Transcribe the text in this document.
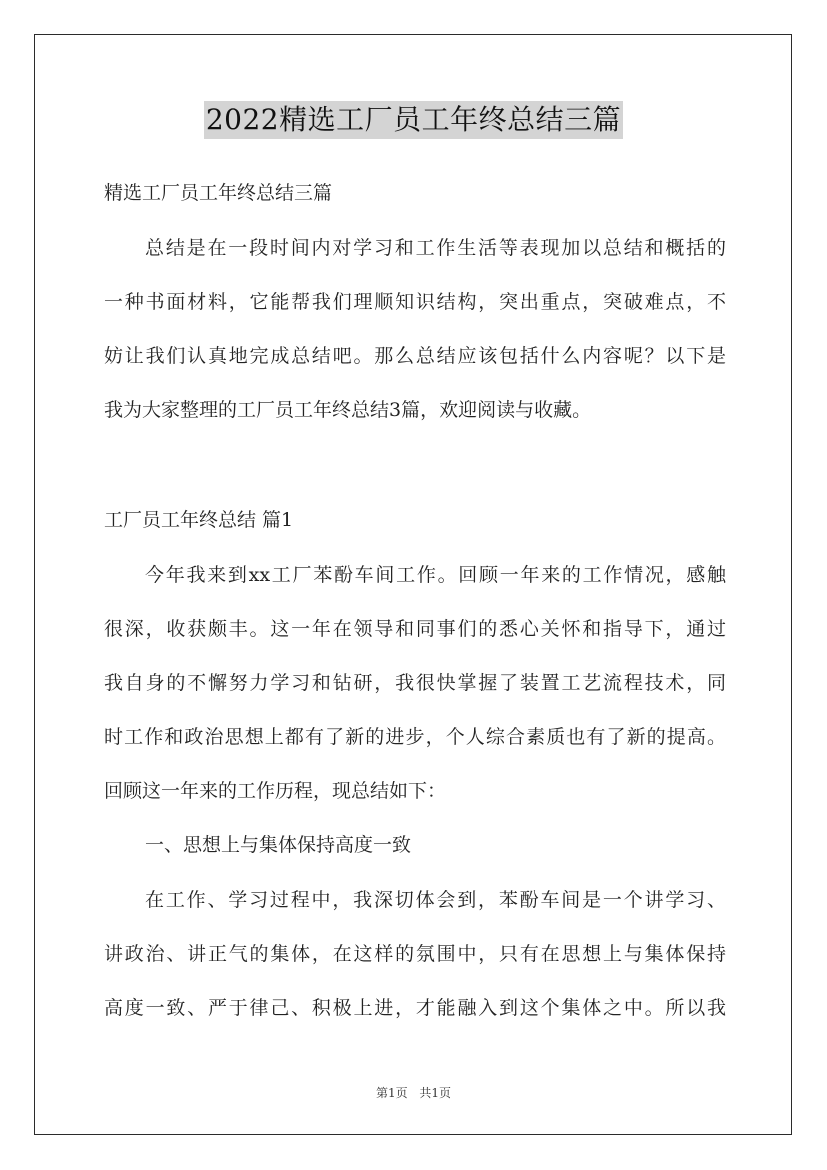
2022精选工厂员工年终总结三篇
精选工厂员工年终总结三篇
总结是在一段时间内对学习和工作生活等表现加以总结和概括的
一种书面材料，它能帮我们理顺知识结构，突出重点，突破难点，不
妨让我们认真地完成总结吧。那么总结应该包括什么内容呢？以下是
我为大家整理的工厂员工年终总结3篇，欢迎阅读与收藏。
工厂员工年终总结 篇1
今年我来到xx工厂苯酚车间工作。回顾一年来的工作情况，感触
很深，收获颇丰。这一年在领导和同事们的悉心关怀和指导下，通过
我自身的不懈努力学习和钻研，我很快掌握了装置工艺流程技术，同
时工作和政治思想上都有了新的进步，个人综合素质也有了新的提高。
回顾这一年来的工作历程，现总结如下：
一、思想上与集体保持高度一致
在工作、学习过程中，我深切体会到，苯酚车间是一个讲学习、
讲政治、讲正气的集体，在这样的氛围中，只有在思想上与集体保持
高度一致、严于律己、积极上进，才能融入到这个集体之中。所以我
第1页 共1页
